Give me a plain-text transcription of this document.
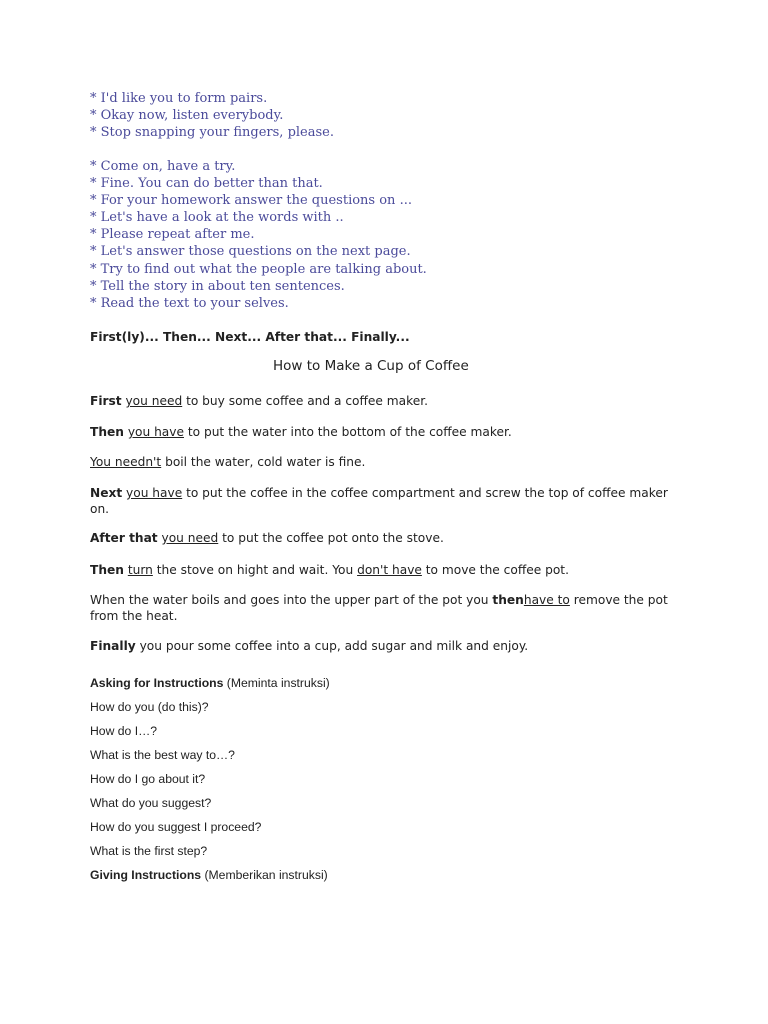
* I'd like you to form pairs.
* Okay now, listen everybody.
* Stop snapping your fingers, please.
* Come on, have a try.
* Fine. You can do better than that.
* For your homework answer the questions on ...
* Let's have a look at the words with ..
* Please repeat after me.
* Let's answer those questions on the next page.
* Try to find out what the people are talking about.
* Tell the story in about ten sentences.
* Read the text to your selves.
First(ly)... Then... Next... After that... Finally...
How to Make a Cup of Coffee
First you need to buy some coffee and a coffee maker.
Then you have to put the water into the bottom of the coffee maker.
You needn't boil the water, cold water is fine.
Next you have to put the coffee in the coffee compartment and screw the top of coffee maker on.
After that you need to put the coffee pot onto the stove.
Then turn the stove on hight and wait. You don't have to move the coffee pot.
When the water boils and goes into the upper part of the pot you thenhave to remove the pot from the heat.
Finally you pour some coffee into a cup, add sugar and milk and enjoy.
Asking for Instructions (Meminta instruksi)
How do you (do this)?
How do I…?
What is the best way to…?
How do I go about it?
What do you suggest?
How do you suggest I proceed?
What is the first step?
Giving Instructions (Memberikan instruksi)
